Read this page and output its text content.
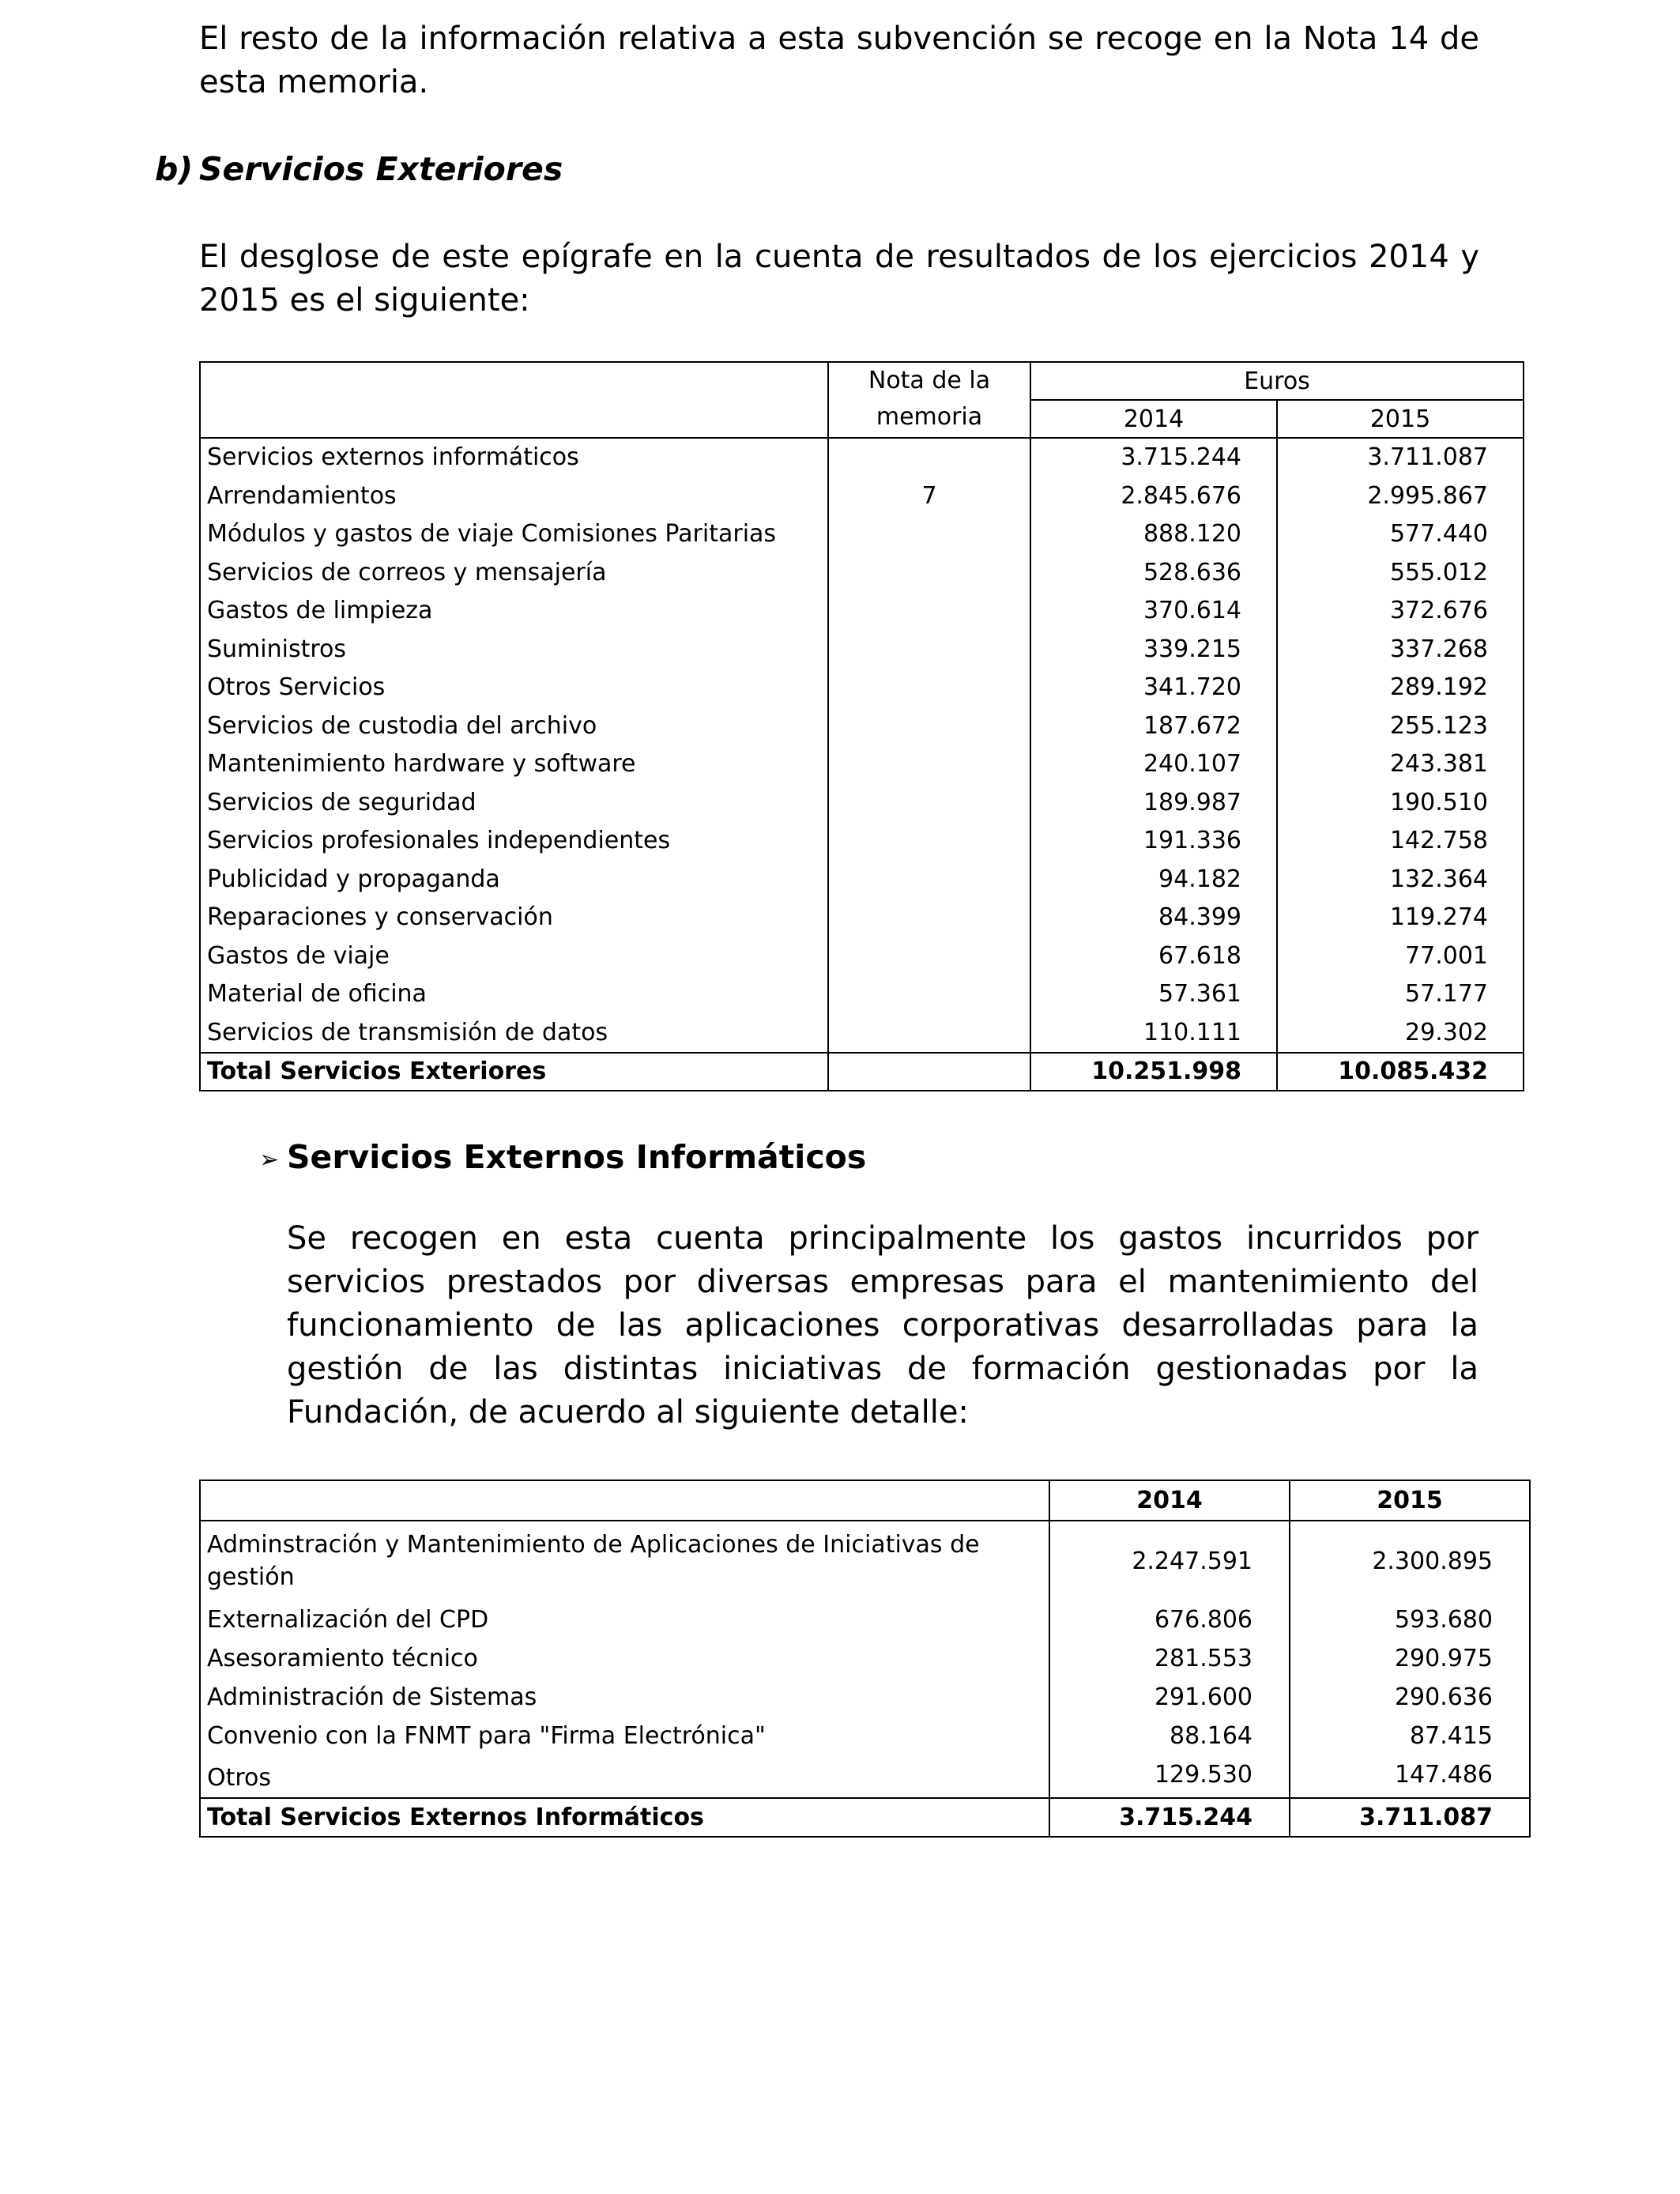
El resto de la información relativa a esta subvención se recoge en la Nota 14 de esta memoria.

b) Servicios Exteriores

El desglose de este epígrafe en la cuenta de resultados de los ejercicios 2014 y 2015 es el siguiente:

	Nota de la memoria	Euros	
		2014	2015
Servicios externos informáticos		3.715.244	3.711.087
Arrendamientos	7	2.845.676	2.995.867
Módulos y gastos de viaje Comisiones Paritarias		888.120	577.440
Servicios de correos y mensajería		528.636	555.012
Gastos de limpieza		370.614	372.676
Suministros		339.215	337.268
Otros Servicios		341.720	289.192
Servicios de custodia del archivo		187.672	255.123
Mantenimiento hardware y software		240.107	243.381
Servicios de seguridad		189.987	190.510
Servicios profesionales independientes		191.336	142.758
Publicidad y propaganda		94.182	132.364
Reparaciones y conservación		84.399	119.274
Gastos de viaje		67.618	77.001
Material de oficina		57.361	57.177
Servicios de transmisión de datos		110.111	29.302
Total Servicios Exteriores		10.251.998	10.085.432
➢ Servicios Externos Informáticos

Se recogen en esta cuenta principalmente los gastos incurridos por servicios prestados por diversas empresas para el mantenimiento del funcionamiento de las aplicaciones corporativas desarrolladas para la gestión de las distintas iniciativas de formación gestionadas por la Fundación, de acuerdo al siguiente detalle:

	2014	2015
Adminstración y Mantenimiento de Aplicaciones de Iniciativas de gestión	2.247.591	2.300.895
Externalización del CPD	676.806	593.680
Asesoramiento técnico	281.553	290.975
Administración de Sistemas	291.600	290.636
Convenio con la FNMT para "Firma Electrónica"	88.164	87.415
Otros	129.530	147.486
Total Servicios Externos Informáticos	3.715.244	3.711.087
